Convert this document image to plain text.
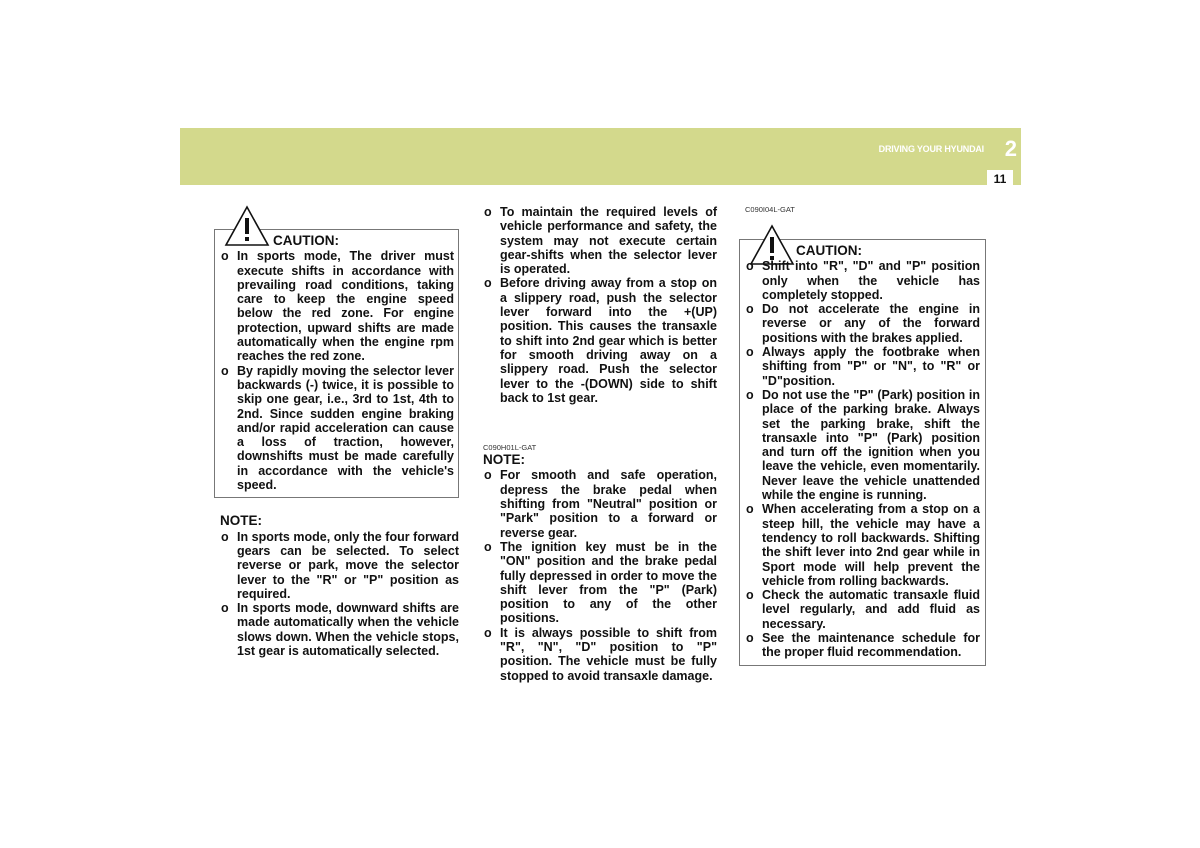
DRIVING YOUR HYUNDAI 2
11
CAUTION:
o In sports mode, The driver must execute shifts in accordance with prevailing road conditions, taking care to keep the engine speed below the red zone. For engine protection, upward shifts are made automatically when the engine rpm reaches the red zone.
o By rapidly moving the selector lever backwards (-) twice, it is possible to skip one gear, i.e., 3rd to 1st, 4th to 2nd. Since sudden engine braking and/or rapid acceleration can cause a loss of traction, however, downshifts must be made carefully in accordance with the vehicle's speed.
NOTE:
o In sports mode, only the four forward gears can be selected. To select reverse or park, move the selector lever to the "R" or "P" position as required.
o In sports mode, downward shifts are made automatically when the vehicle slows down. When the vehicle stops, 1st gear is automatically selected.
o To maintain the required levels of vehicle performance and safety, the system may not execute certain gear-shifts when the selector lever is operated.
o Before driving away from a stop on a slippery road, push the selector lever forward into the +(UP) position. This causes the transaxle to shift into 2nd gear which is better for smooth driving away on a slippery road. Push the selector lever to the -(DOWN) side to shift back to 1st gear.
C090H01L-GAT
NOTE:
o For smooth and safe operation, depress the brake pedal when shifting from "Neutral" position or "Park" position to a forward or reverse gear.
o The ignition key must be in the "ON" position and the brake pedal fully depressed in order to move the shift lever from the "P" (Park) position to any of the other positions.
o It is always possible to shift from "R", "N", "D" position to "P" position. The vehicle must be fully stopped to avoid transaxle damage.
C090I04L-GAT
CAUTION:
o Shift into "R", "D" and "P" position only when the vehicle has completely stopped.
o Do not accelerate the engine in reverse or any of the forward positions with the brakes applied.
o Always apply the footbrake when shifting from "P" or "N", to "R" or "D"position.
o Do not use the "P" (Park) position in place of the parking brake. Always set the parking brake, shift the transaxle into "P" (Park) position and turn off the ignition when you leave the vehicle, even momentarily. Never leave the vehicle unattended while the engine is running.
o When accelerating from a stop on a steep hill, the vehicle may have a tendency to roll backwards. Shifting the shift lever into 2nd gear while in Sport mode will help prevent the vehicle from rolling backwards.
o Check the automatic transaxle fluid level regularly, and add fluid as necessary.
o See the maintenance schedule for the proper fluid recommendation.
